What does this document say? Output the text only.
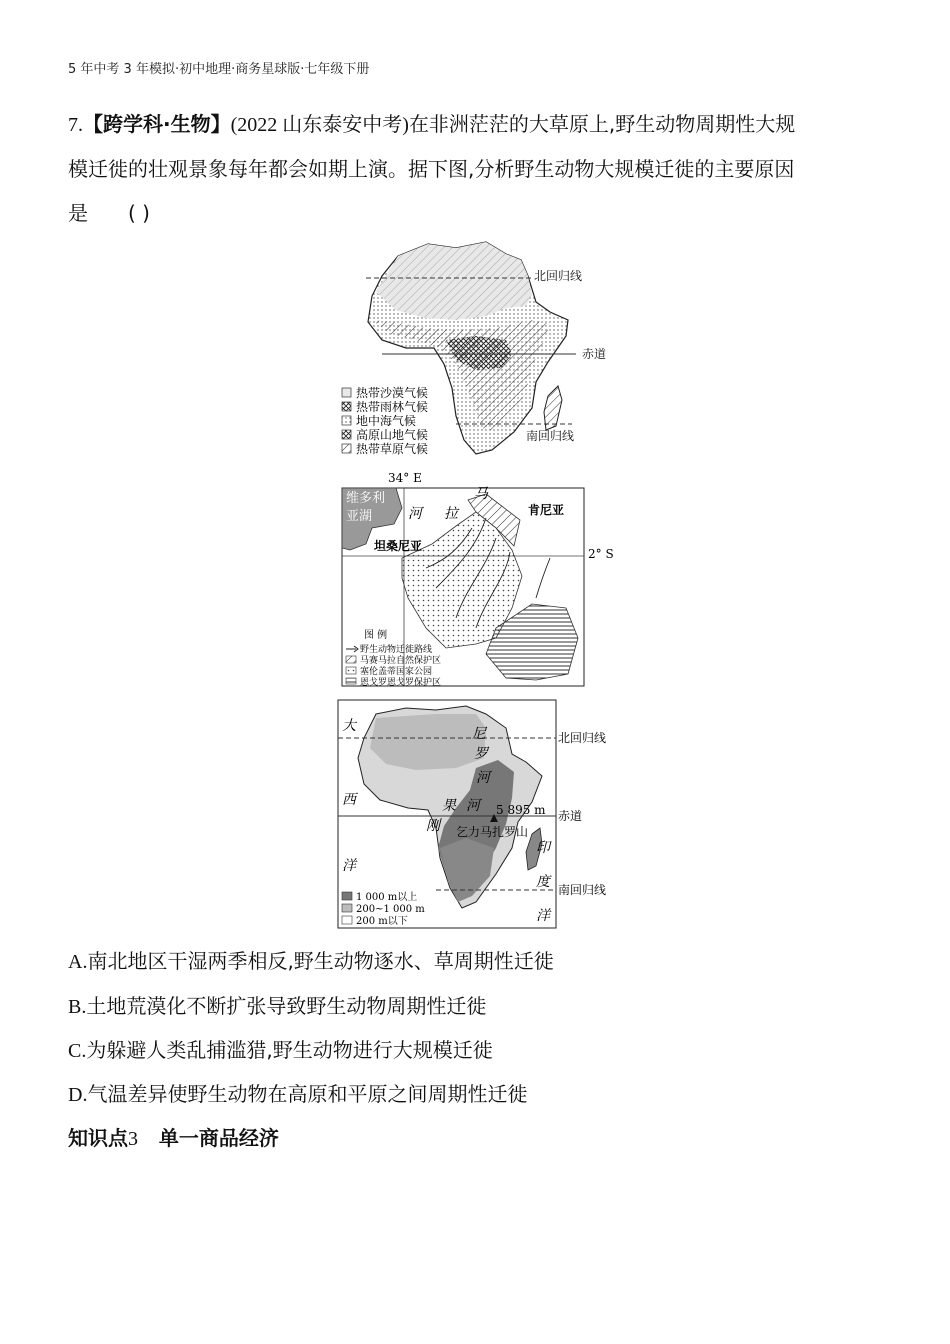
5 年中考 3 年模拟·初中地理·商务星球版·七年级下册
7.【跨学科·生物】(2022 山东泰安中考)在非洲茫茫的大草原上,野生动物周期性大规
模迁徙的壮观景象每年都会如期上演。据下图,分析野生动物大规模迁徙的主要原因
是 ( )
北回归线
赤道
南回归线
热带沙漠气候
热带雨林气候
地中海气候
高原山地气候
热带草原气候
34° E
2° S
维多利
亚湖	河 拉
马
肯尼亚
坦桑尼亚
图 例
野生动物迁徙路线
马赛马拉自然保护区
塞伦盖蒂国家公园
恩戈罗恩戈罗保护区
北回归线
赤道
南回归线
尼
罗
河
刚
果 河
大
西
洋
印
度
洋
5 895 m
乞力马扎罗山
1 000 m以上
200~1 000 m
200 m以下
A.南北地区干湿两季相反,野生动物逐水、草周期性迁徙
B.土地荒漠化不断扩张导致野生动物周期性迁徙
C.为躲避人类乱捕滥猎,野生动物进行大规模迁徙
D.气温差异使野生动物在高原和平原之间周期性迁徙
知识点3 单一商品经济
